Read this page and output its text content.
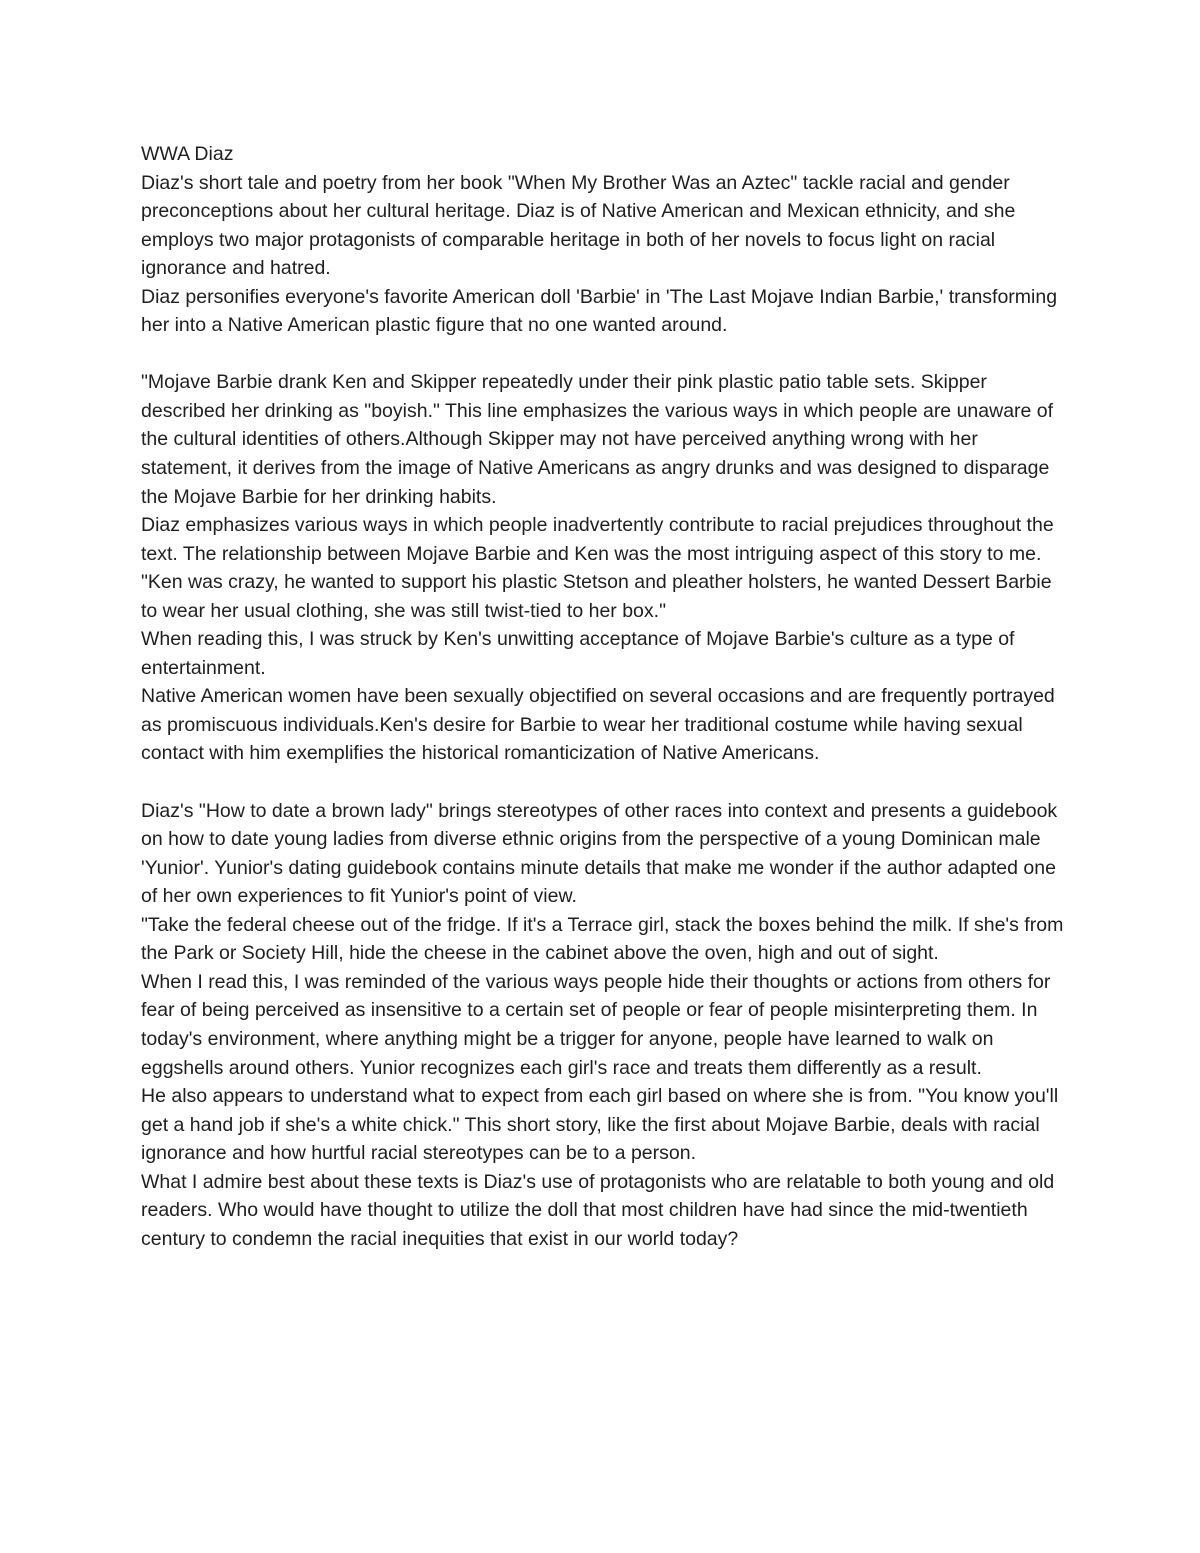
WWA Diaz

Diaz's short tale and poetry from her book "When My Brother Was an Aztec" tackle racial and gender preconceptions about her cultural heritage. Diaz is of Native American and Mexican ethnicity, and she employs two major protagonists of comparable heritage in both of her novels to focus light on racial ignorance and hatred.

Diaz personifies everyone's favorite American doll 'Barbie' in 'The Last Mojave Indian Barbie,' transforming her into a Native American plastic figure that no one wanted around.

"Mojave Barbie drank Ken and Skipper repeatedly under their pink plastic patio table sets. Skipper described her drinking as "boyish." This line emphasizes the various ways in which people are unaware of the cultural identities of others.Although Skipper may not have perceived anything wrong with her statement, it derives from the image of Native Americans as angry drunks and was designed to disparage the Mojave Barbie for her drinking habits.

Diaz emphasizes various ways in which people inadvertently contribute to racial prejudices throughout the text. The relationship between Mojave Barbie and Ken was the most intriguing aspect of this story to me.

"Ken was crazy, he wanted to support his plastic Stetson and pleather holsters, he wanted Dessert Barbie to wear her usual clothing, she was still twist-tied to her box."

When reading this, I was struck by Ken's unwitting acceptance of Mojave Barbie's culture as a type of entertainment.

Native American women have been sexually objectified on several occasions and are frequently portrayed as promiscuous individuals.Ken's desire for Barbie to wear her traditional costume while having sexual contact with him exemplifies the historical romanticization of Native Americans.

Diaz's "How to date a brown lady" brings stereotypes of other races into context and presents a guidebook on how to date young ladies from diverse ethnic origins from the perspective of a young Dominican male 'Yunior'. Yunior's dating guidebook contains minute details that make me wonder if the author adapted one of her own experiences to fit Yunior's point of view.

"Take the federal cheese out of the fridge. If it's a Terrace girl, stack the boxes behind the milk. If she's from the Park or Society Hill, hide the cheese in the cabinet above the oven, high and out of sight.

When I read this, I was reminded of the various ways people hide their thoughts or actions from others for fear of being perceived as insensitive to a certain set of people or fear of people misinterpreting them. In today's environment, where anything might be a trigger for anyone, people have learned to walk on eggshells around others. Yunior recognizes each girl's race and treats them differently as a result.

He also appears to understand what to expect from each girl based on where she is from. "You know you'll get a hand job if she's a white chick." This short story, like the first about Mojave Barbie, deals with racial ignorance and how hurtful racial stereotypes can be to a person.

What I admire best about these texts is Diaz's use of protagonists who are relatable to both young and old readers. Who would have thought to utilize the doll that most children have had since the mid-twentieth century to condemn the racial inequities that exist in our world today?
